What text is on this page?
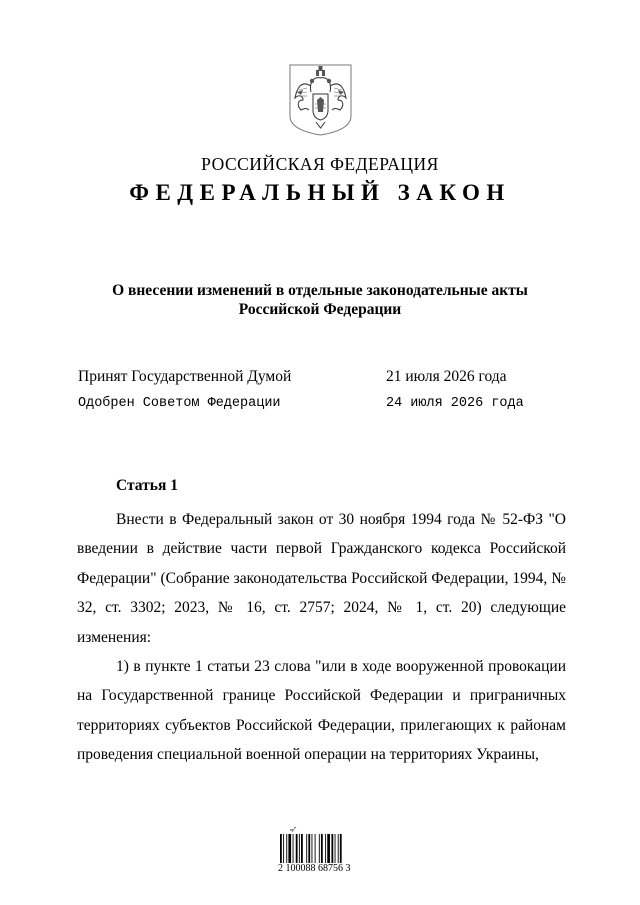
РОССИЙСКАЯ ФЕДЕРАЦИЯ
ФЕДЕРАЛЬНЫЙ ЗАКОН
О внесении изменений в отдельные законодательные акты
Российской Федерации
Принят Государственной Думой	21 июля 2026 года
Одобрен Советом Федерации	24 июля 2026 года
Статья 1

Внести в Федеральный закон от 30 ноября 1994 года № 52-ФЗ "О введении в действие части первой Гражданского кодекса Российской Федерации" (Собрание законодательства Российской Федерации, 1994, № 32, ст. 3302; 2023, № 16, ст. 2757; 2024, № 1, ст. 20) следующие изменения:

1) в пункте 1 статьи 23 слова "или в ходе вооруженной провокации на Государственной границе Российской Федерации и приграничных территориях субъектов Российской Федерации, прилегающих к районам проведения специальной военной операции на территориях Украины,

≈⁄ˆ
2 100088 68756 3
